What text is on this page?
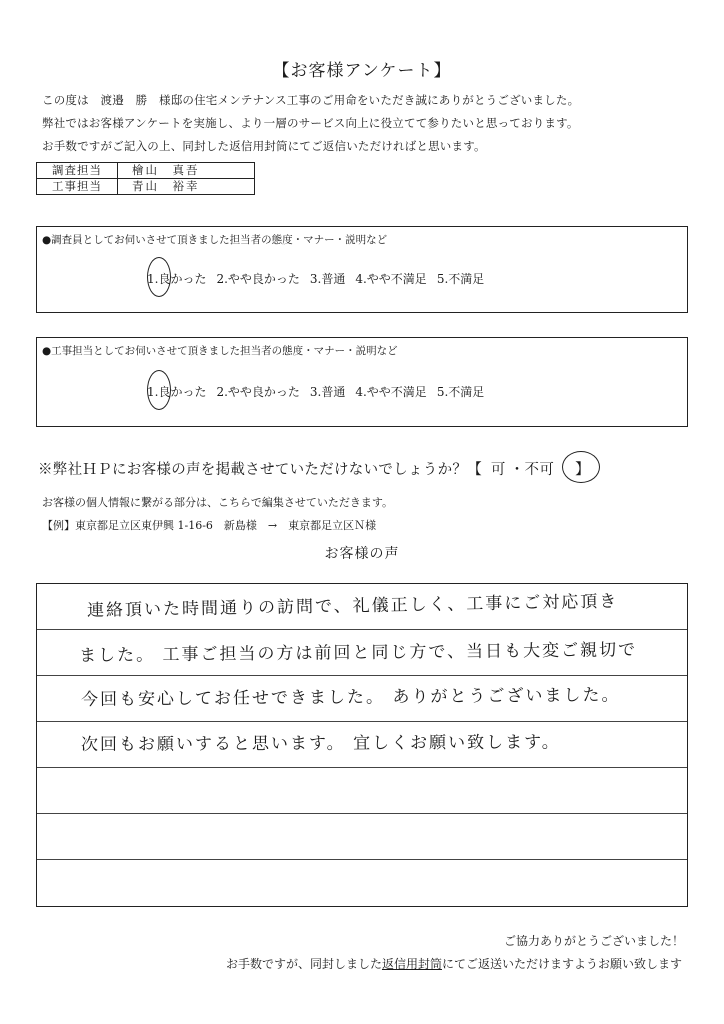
【お客様アンケート】
この度は　渡邉　勝　様邸の住宅メンテナンス工事のご用命をいただき誠にありがとうございました。
弊社ではお客様アンケートを実施し、より一層のサービス向上に役立てて参りたいと思っております。
お手数ですがご記入の上、同封した返信用封筒にてご返信いただければと思います。
調査担当	檜山　真吾
工事担当	青山　裕幸
●調査員としてお伺いさせて頂きました担当者の態度・マナー・説明など
1.良かった 2.やや良かった 3.普通 4.やや不満足 5.不満足
●工事担当としてお伺いさせて頂きました担当者の態度・マナー・説明など
1.良かった 2.やや良かった 3.普通 4.やや不満足 5.不満足
※弊社ＨＰにお客様の声を掲載させていただけないでしょうか？【 可 ・不可 】
お客様の個人情報に繋がる部分は、こちらで編集させていただきます。
【例】東京都足立区東伊興 1-16-6　新島様　→　東京都足立区Ｎ様
お客様の声
連絡頂いた時間通りの訪問で、礼儀正しく、工事にご対応頂き
ました。 工事ご担当の方は前回と同じ方で、当日も大変ご親切で
今回も安心してお任せできました。 ありがとうございました。
次回もお願いすると思います。 宜しくお願い致します。
ご協力ありがとうございました！
お手数ですが、同封しました返信用封筒にてご返送いただけますようお願い致します
